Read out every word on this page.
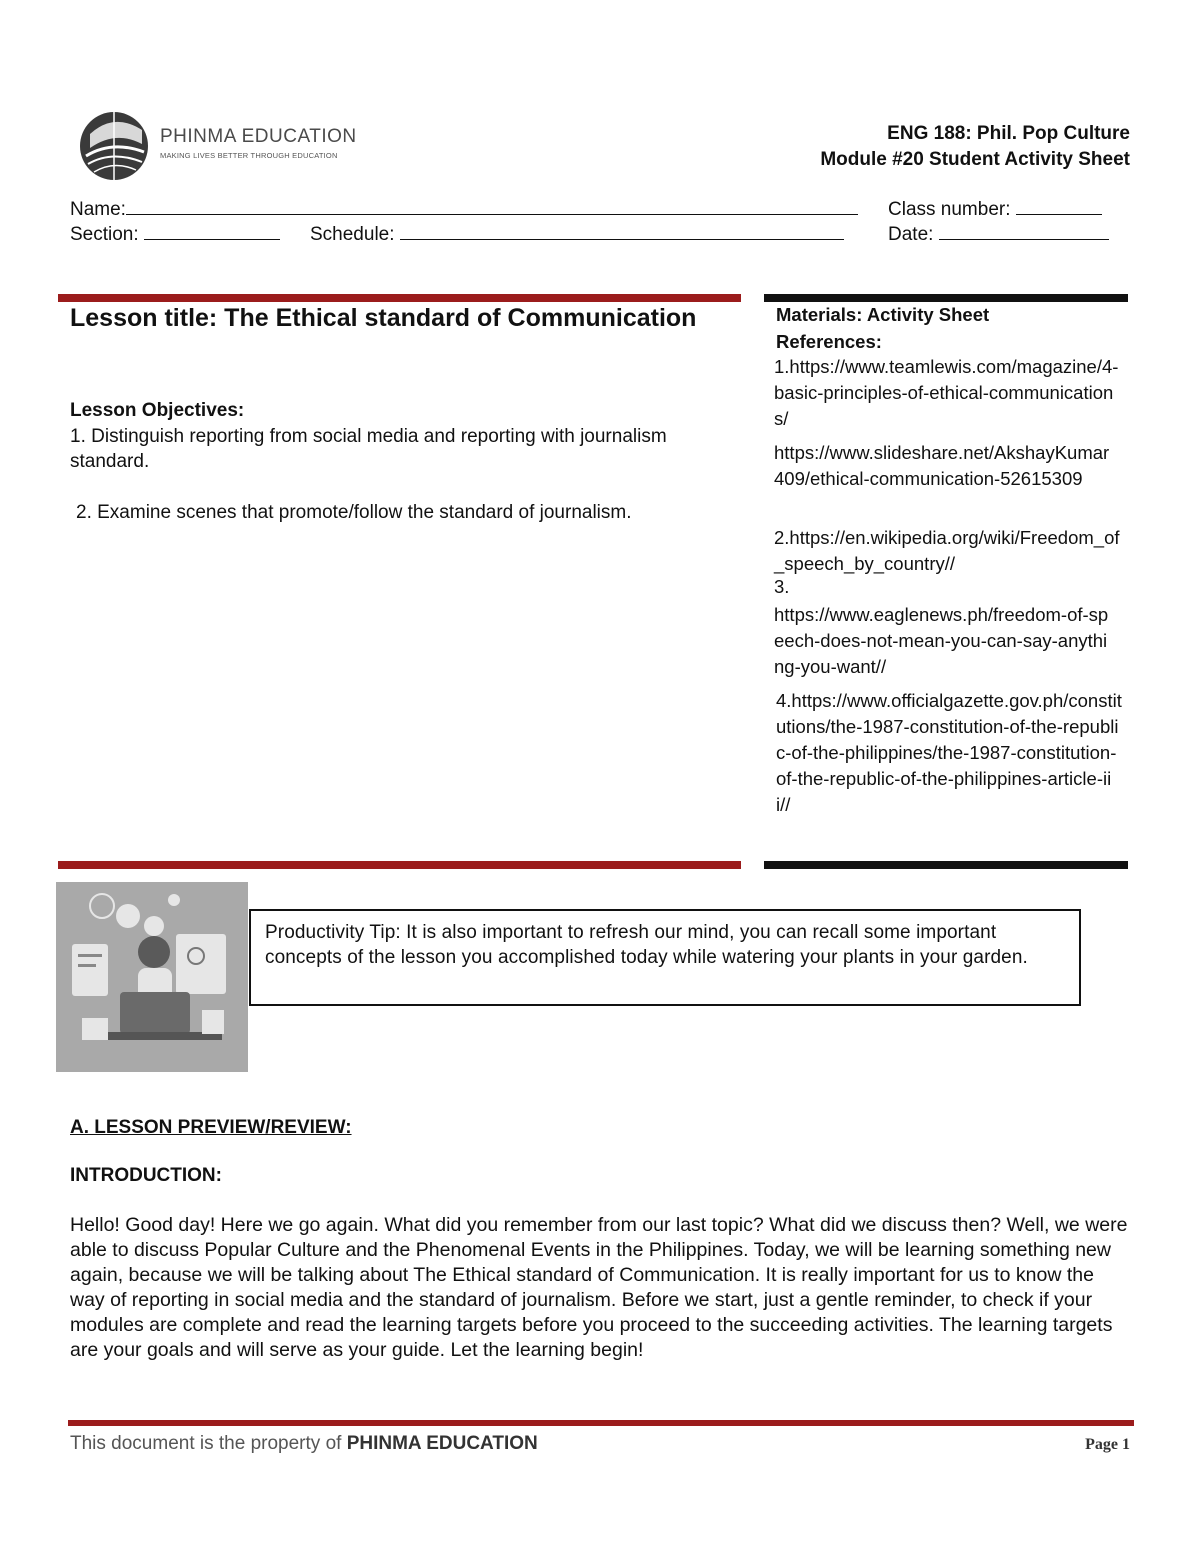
PHINMA EDUCATION
MAKING LIVES BETTER THROUGH EDUCATION
ENG 188: Phil. Pop Culture
Module #20 Student Activity Sheet
Name:	Class number:
Section:	Schedule:	Date:
Lesson title: The Ethical standard of Communication
Lesson Objectives:
1. Distinguish reporting from social media and reporting with journalism standard.
2. Examine scenes that promote/follow the standard of journalism.
Materials: Activity Sheet
References:
1.https://www.teamlewis.com/magazine/4-basic-principles-of-ethical-communications/
https://www.slideshare.net/AkshayKumar409/ethical-communication-52615309
2.https://en.wikipedia.org/wiki/Freedom_of_speech_by_country//
3.
https://www.eaglenews.ph/freedom-of-speech-does-not-mean-you-can-say-anything-you-want//
4.https://www.officialgazette.gov.ph/constitutions/the-1987-constitution-of-the-republic-of-the-philippines/the-1987-constitution-of-the-republic-of-the-philippines-article-iii//
Productivity Tip: It is also important to refresh our mind, you can recall some important concepts of the lesson you accomplished today while watering your plants in your garden.
A. LESSON PREVIEW/REVIEW:
INTRODUCTION:
Hello! Good day! Here we go again. What did you remember from our last topic? What did we discuss then? Well, we were able to discuss Popular Culture and the Phenomenal Events in the Philippines. Today, we will be learning something new again, because we will be talking about The Ethical standard of Communication. It is really important for us to know the way of reporting in social media and the standard of journalism. Before we start, just a gentle reminder, to check if your modules are complete and read the learning targets before you proceed to the succeeding activities. The learning targets are your goals and will serve as your guide. Let the learning begin!
This document is the property of PHINMA EDUCATION	Page 1
